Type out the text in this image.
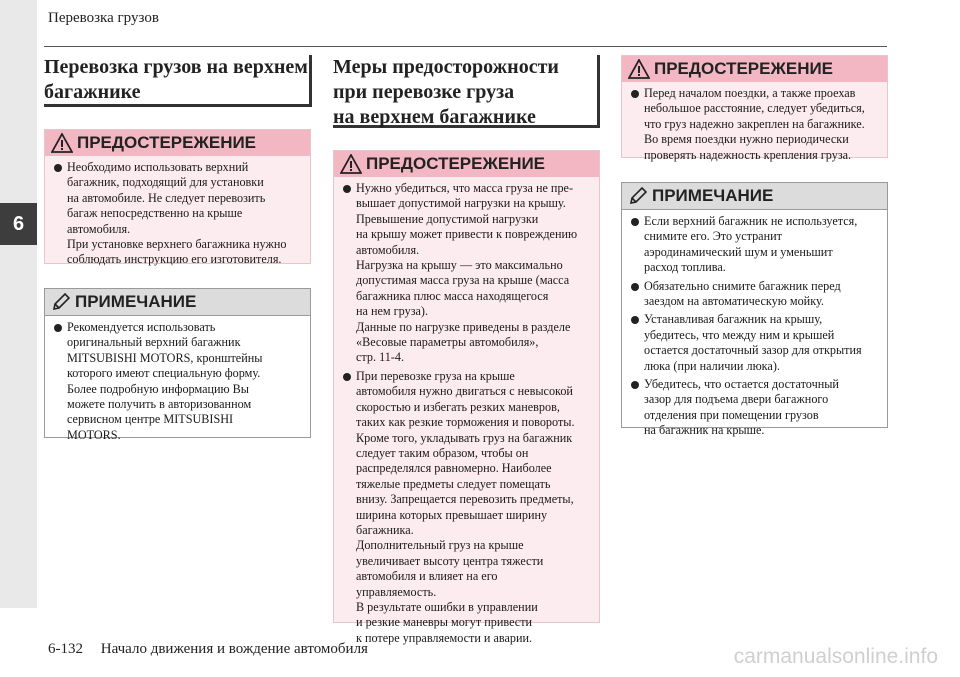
6
Перевозка грузов
Перевозка грузов на верхнем
багажнике
ПРЕДОСТЕРЕЖЕНИЕ
Необходимо использовать верхний
багажник, подходящий для установки
на автомобиле. Не следует перевозить
багаж непосредственно на крыше
автомобиля.
При установке верхнего багажника нужно
соблюдать инструкцию его изготовителя.
ПРИМЕЧАНИЕ
Рекомендуется использовать
оригинальный верхний багажник
MITSUBISHI MOTORS, кронштейны
которого имеют специальную форму.
Более подробную информацию Вы
можете получить в авторизованном
сервисном центре MITSUBISHI
MOTORS.
Меры предосторожности
при перевозке груза
на верхнем багажнике
ПРЕДОСТЕРЕЖЕНИЕ
Нужно убедиться, что масса груза не пре-
вышает допустимой нагрузки на крышу.
Превышение допустимой нагрузки
на крышу может привести к повреждению
автомобиля.
Нагрузка на крышу — это максимально
допустимая масса груза на крыше (масса
багажника плюс масса находящегося
на нем груза).
Данные по нагрузке приведены в разделе
«Весовые параметры автомобиля»,
стр. 11-4.
При перевозке груза на крыше
автомобиля нужно двигаться с невысокой
скоростью и избегать резких маневров,
таких как резкие торможения и повороты.
Кроме того, укладывать груз на багажник
следует таким образом, чтобы он
распределялся равномерно. Наиболее
тяжелые предметы следует помещать
внизу. Запрещается перевозить предметы,
ширина которых превышает ширину
багажника.
Дополнительный груз на крыше
увеличивает высоту центра тяжести
автомобиля и влияет на его
управляемость.
В результате ошибки в управлении
и резкие маневры могут привести
к потере управляемости и аварии.
ПРЕДОСТЕРЕЖЕНИЕ
Перед началом поездки, а также проехав
небольшое расстояние, следует убедиться,
что груз надежно закреплен на багажнике.
Во время поездки нужно периодически
проверять надежность крепления груза.
ПРИМЕЧАНИЕ
Если верхний багажник не используется,
снимите его. Это устранит
аэродинамический шум и уменьшит
расход топлива.
Обязательно снимите багажник перед
заездом на автоматическую мойку.
Устанавливая багажник на крышу,
убедитесь, что между ним и крышей
остается достаточный зазор для открытия
люка (при наличии люка).
Убедитесь, что остается достаточный
зазор для подъема двери багажного
отделения при помещении грузов
на багажник на крыше.
6-132 Начало движения и вождение автомобиля	carmanualsonline.info
